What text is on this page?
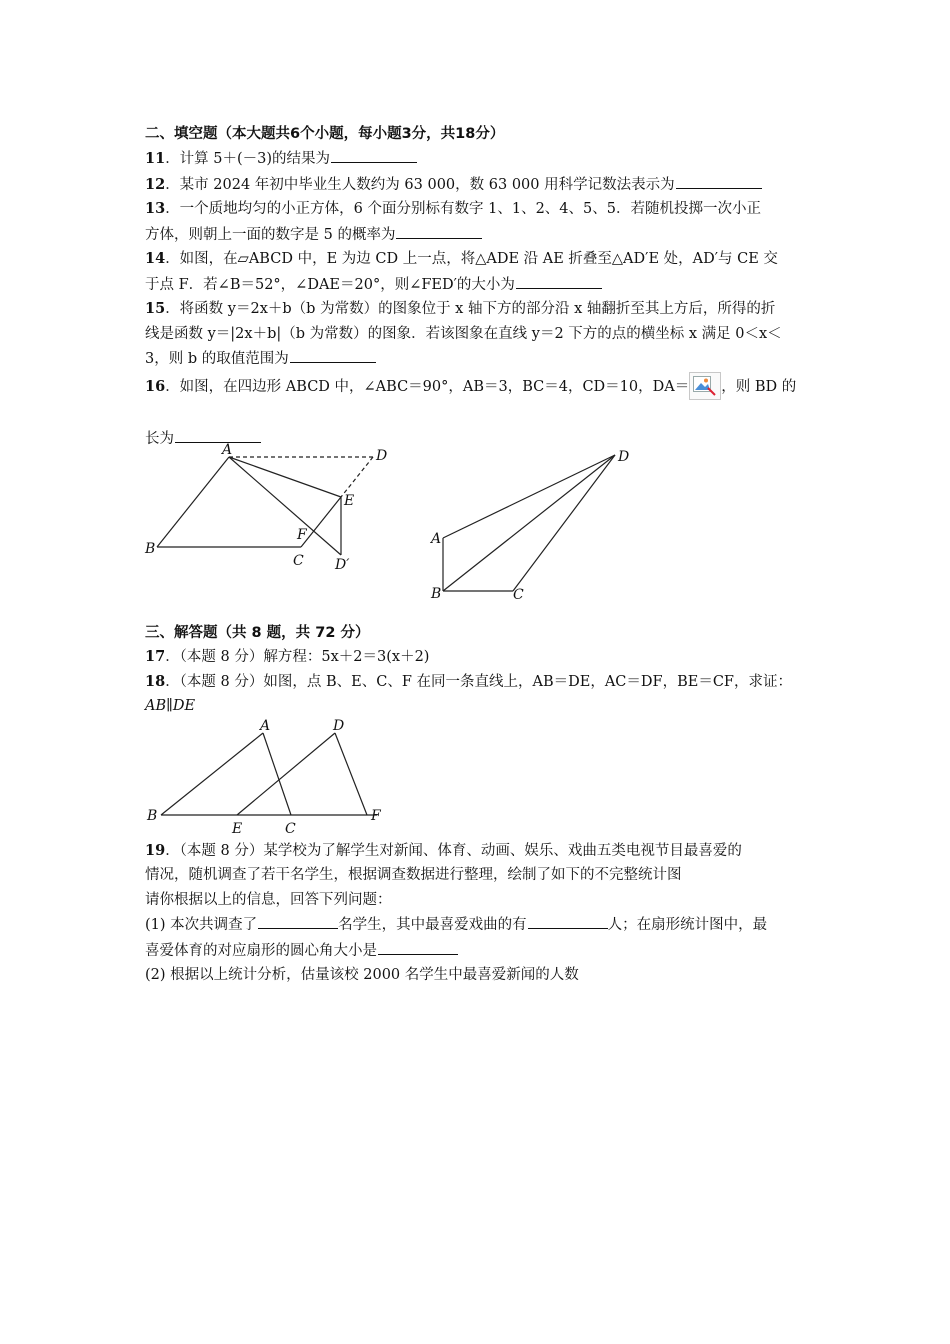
二、填空题（本大题共6个小题，每小题3分，共18分）
11．计算 5＋(－3)的结果为
12．某市 2024 年初中毕业生人数约为 63 000，数 63 000 用科学记数法表示为
13．一个质地均匀的小正方体，6 个面分别标有数字 1、1、2、4、5、5．若随机投掷一次小正
方体，则朝上一面的数字是 5 的概率为
14．如图，在▱ABCD 中，E 为边 CD 上一点，将△ADE 沿 AE 折叠至△AD′E 处，AD′与 CE 交
于点 F．若∠B＝52°，∠DAE＝20°，则∠FED′的大小为
15．将函数 y＝2x＋b（b 为常数）的图象位于 x 轴下方的部分沿 x 轴翻折至其上方后，所得的折
线是函数 y＝|2x＋b|（b 为常数）的图象．若该图象在直线 y＝2 下方的点的横坐标 x 满足 0＜x＜
3，则 b 的取值范围为
16．如图，在四边形 ABCD 中，∠ABC＝90°，AB＝3，BC＝4，CD＝10，DA＝ ，则 BD 的
长为
A
B
C
D
E
F
D′
A
B	C
D
三、解答题（共 8 题，共 72 分）
17．（本题 8 分）解方程：5x＋2＝3(x＋2)
18．（本题 8 分）如图，点 B、E、C、F 在同一条直线上，AB＝DE，AC＝DF，BE＝CF，求证：
AB∥DE
A
B
C
D
E
F
19．（本题 8 分）某学校为了解学生对新闻、体育、动画、娱乐、戏曲五类电视节目最喜爱的
情况，随机调查了若干名学生，根据调查数据进行整理，绘制了如下的不完整统计图
请你根据以上的信息，回答下列问题：
(1) 本次共调查了	名学生，其中最喜爱戏曲的有	人；在扇形统计图中，最
喜爱体育的对应扇形的圆心角大小是
(2) 根据以上统计分析，估量该校 2000 名学生中最喜爱新闻的人数
